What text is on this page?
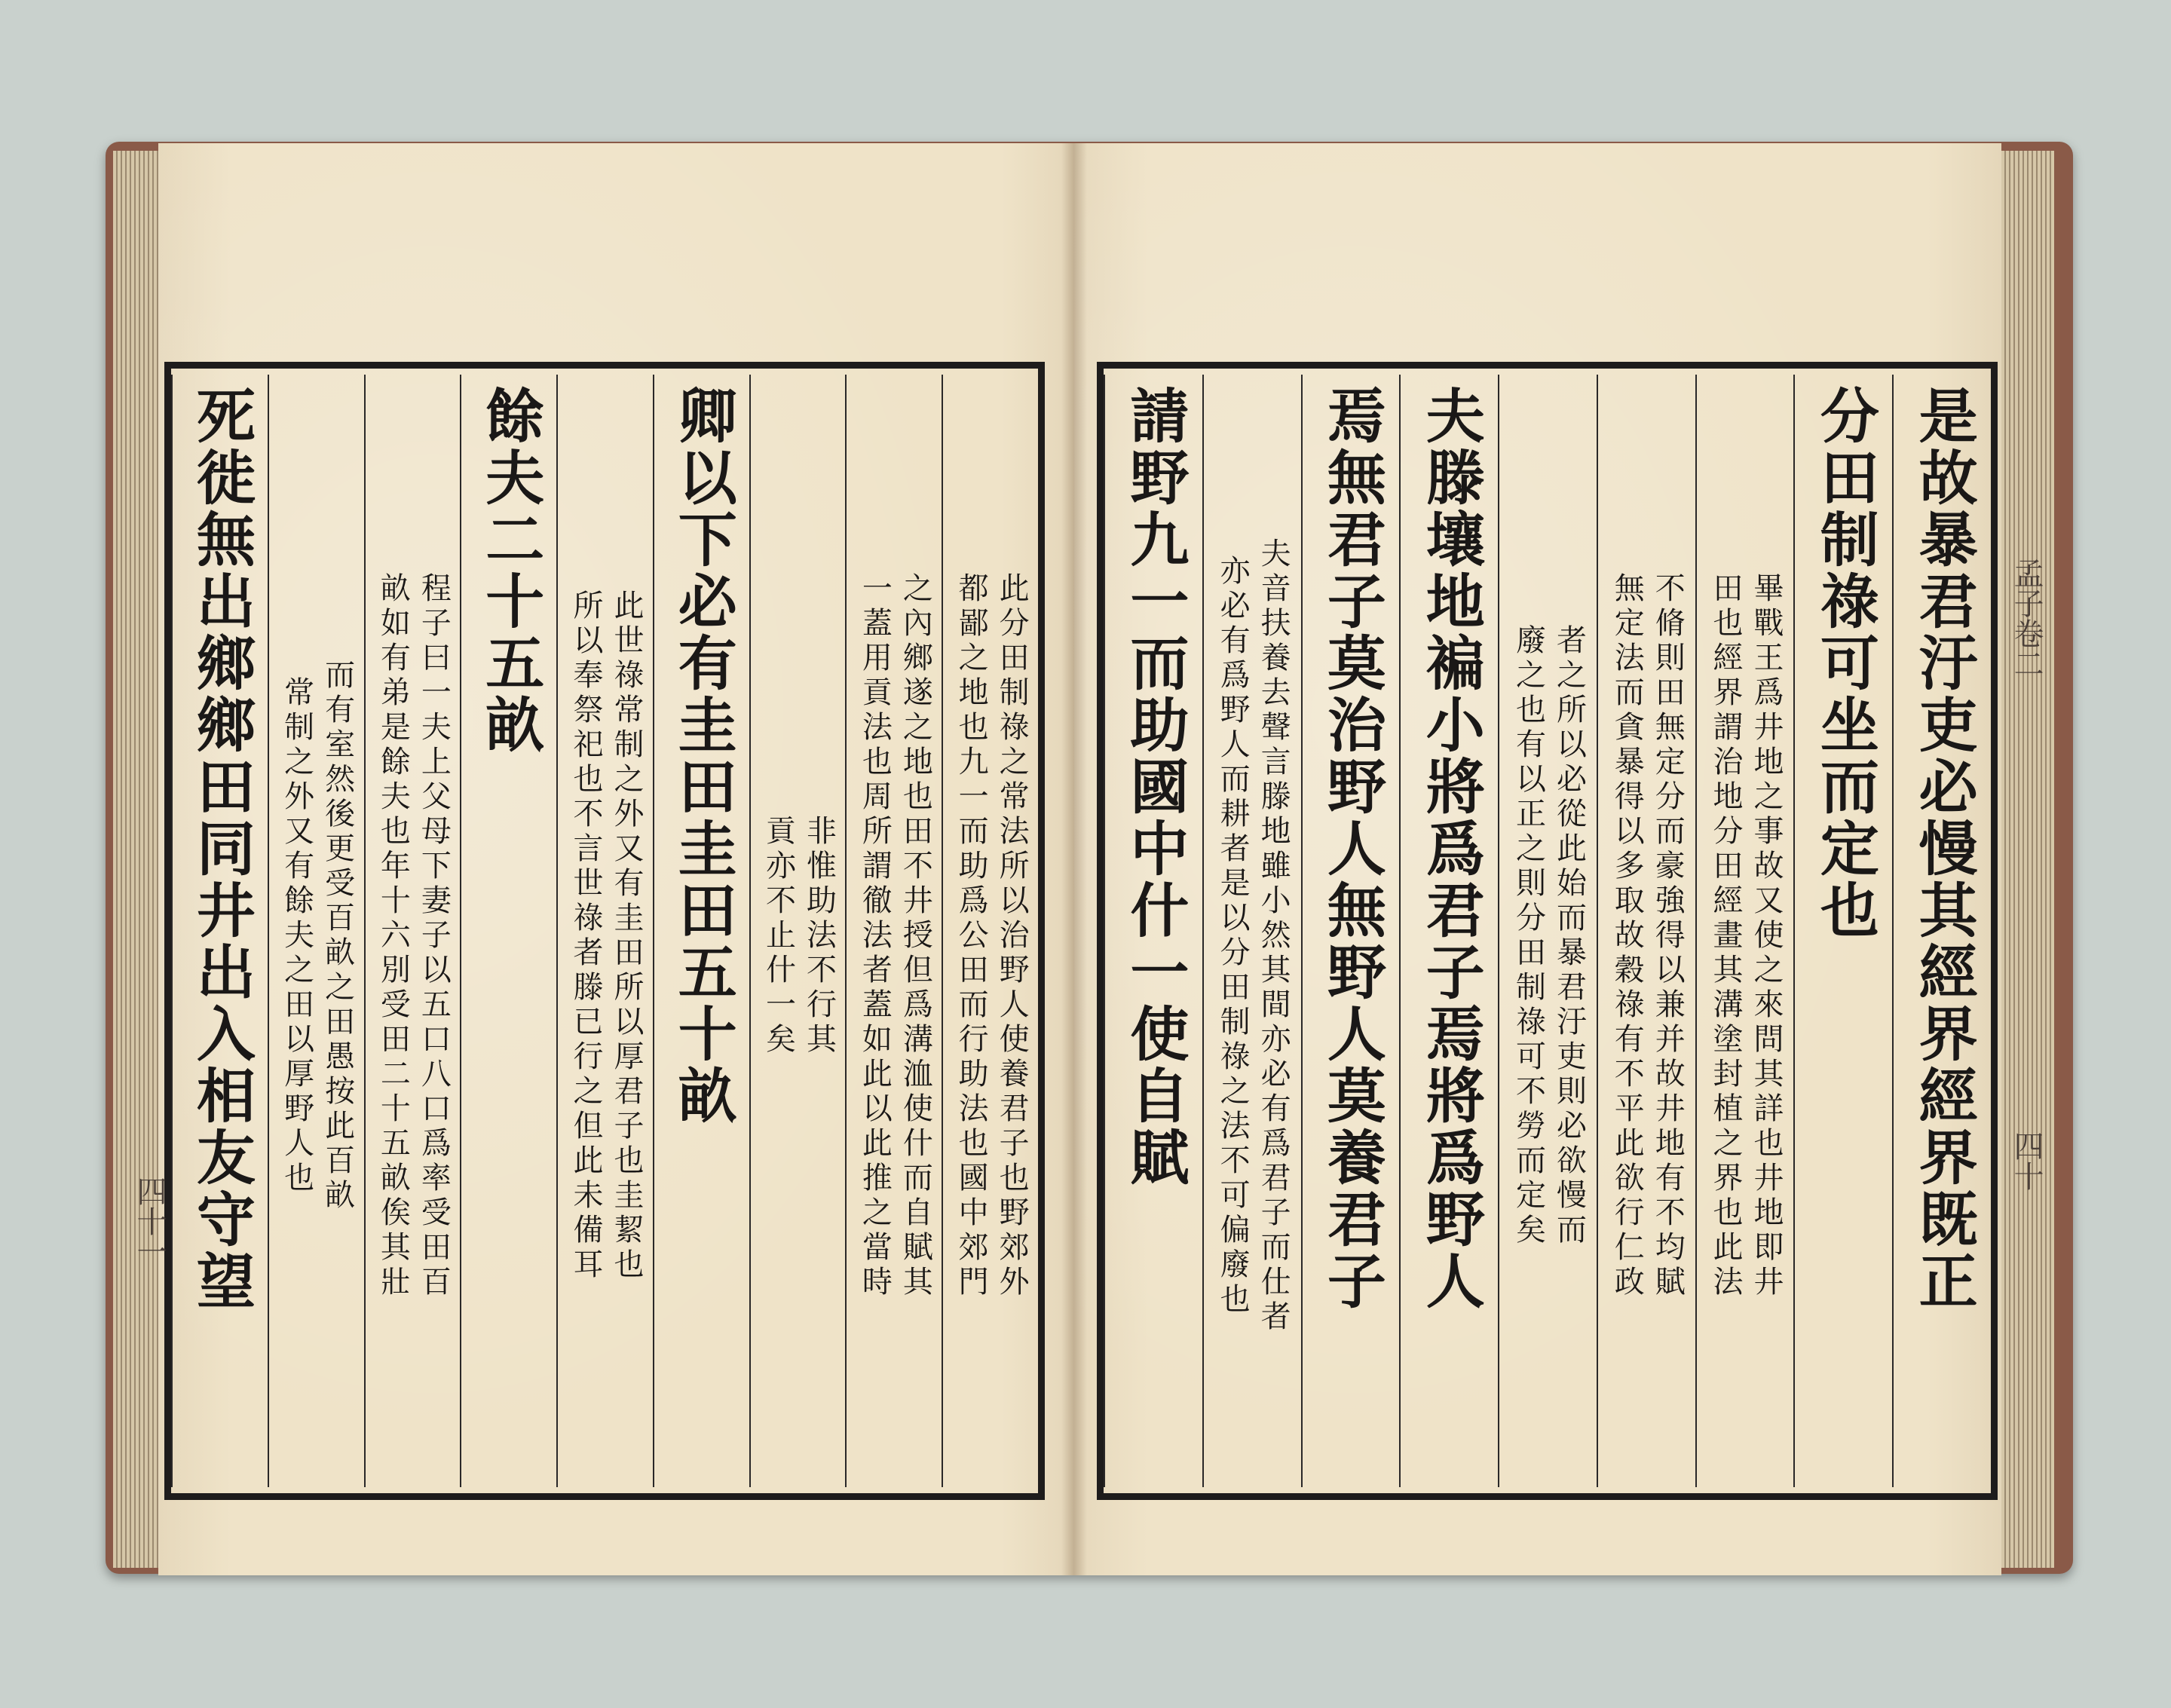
是故暴君汙吏必慢其經界經界既正
分田制祿可坐而定也
畢戰王爲井地之事故又使之來問其詳也井地即井
田也經界謂治地分田經畫其溝塗封植之界也此法
不脩則田無定分而豪強得以兼并故井地有不均賦
無定法而貪暴得以多取故穀祿有不平此欲行仁政
者之所以必從此始而暴君汙吏則必欲慢而
廢之也有以正之則分田制祿可不勞而定矣
夫滕壤地褊小將爲君子焉將爲野人
焉無君子莫治野人無野人莫養君子
夫音扶養去聲言滕地雖小然其間亦必有爲君子而仕者
亦必有爲野人而耕者是以分田制祿之法不可偏廢也
請野九一而助國中什一使自賦
此分田制祿之常法所以治野人使養君子也野郊外
都鄙之地也九一而助爲公田而行助法也國中郊門
之內鄉遂之地也田不井授但爲溝洫使什而自賦其
一蓋用貢法也周所謂徹法者蓋如此以此推之當時
非惟助法不行其
貢亦不止什一矣
卿以下必有圭田圭田五十畝
此世祿常制之外又有圭田所以厚君子也圭絜也
所以奉祭祀也不言世祿者滕已行之但此未備耳
餘夫二十五畝
程子曰一夫上父母下妻子以五口八口爲率受田百
畝如有弟是餘夫也年十六別受田二十五畝俟其壯
而有室然後更受百畝之田愚按此百畝
常制之外又有餘夫之田以厚野人也
死徙無出鄉鄉田同井出入相友守望	孟子卷二
四十
四十一
